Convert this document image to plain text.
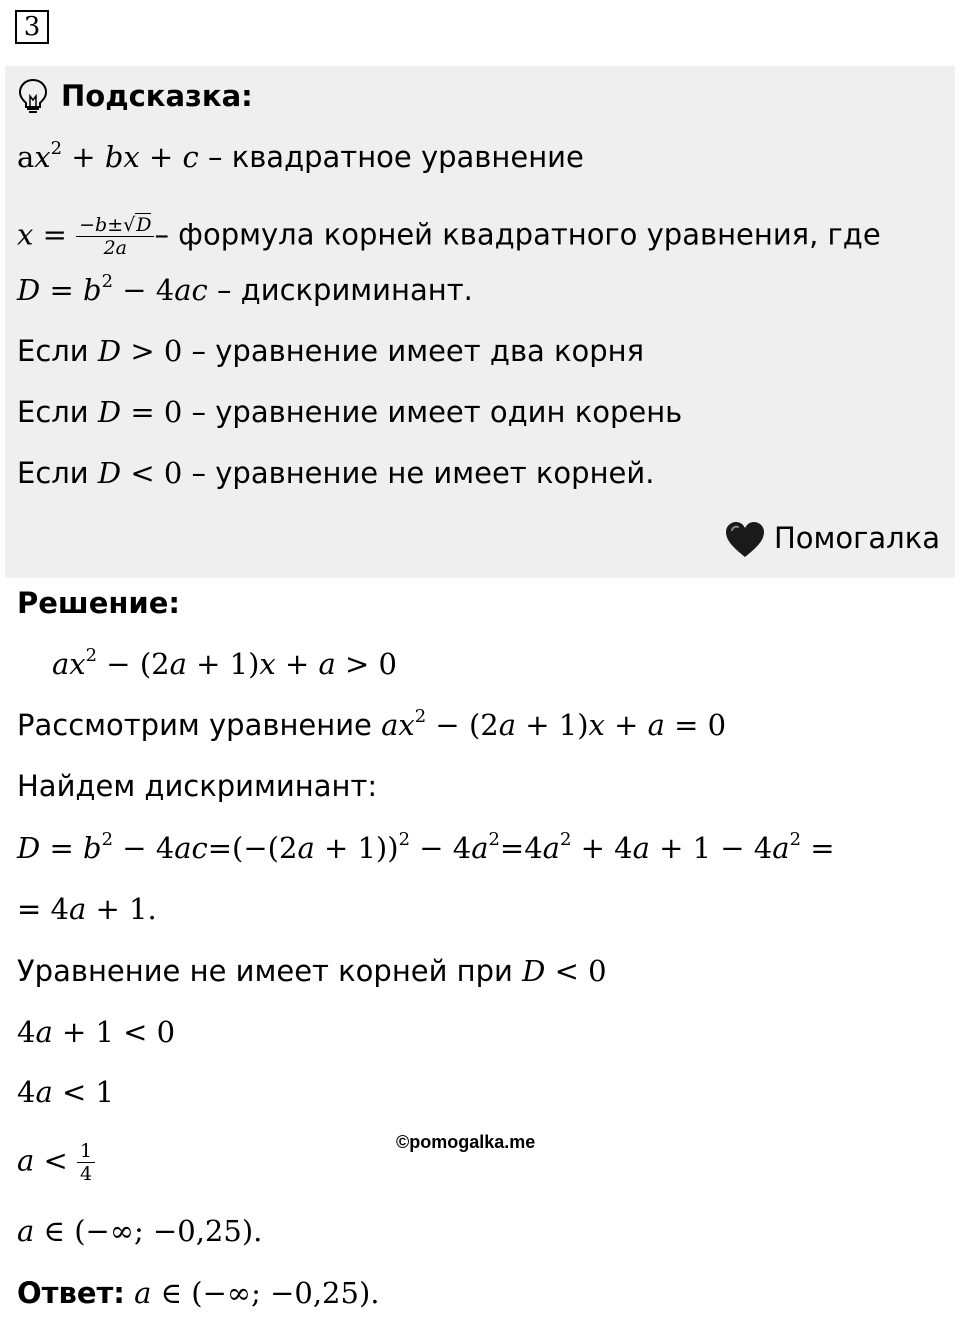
3
Подсказка:
$ax^2$ + bx + c – квадратное уравнение
$x = \frac{-b\pm√D}{2a}$ – формула корней квадратного уравнения, где
$D = b^2 - 4ac$ – дискриминант.
Если D > 0 – уравнение имеет два корня
Если D = 0 – уравнение имеет один корень
Если D < 0 – уравнение не имеет корней.
Помогалка
Решение:
$ax^2 - (2a + 1)x + a > 0$
Рассмотрим уравнение $ax^2 - (2a + 1)x + a = 0$
Найдем дискриминант:
$D = b^2 - 4ac=(-(2a + 1))^2 - 4a^2=4a^2 + 4a + 1 - 4a^2$ =
= 4a + 1.
Уравнение не имеет корней при D < 0
4a + 1 < 0
4a < 1
$a < \frac{1}{4}$	©pomogalka.me
a ∈ (−∞; −0,25).
Ответ: a ∈ (−∞; −0,25).
